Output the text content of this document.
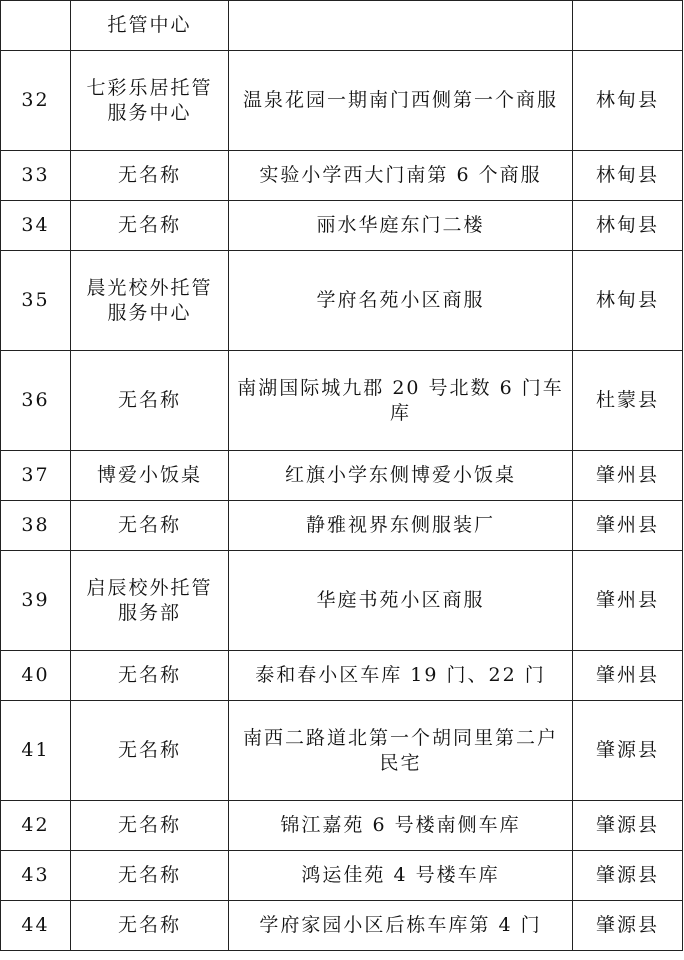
	托管中心		
32	七彩乐居托管服务中心	温泉花园一期南门西侧第一个商服	林甸县
33	无名称	实验小学西大门南第 6 个商服	林甸县
34	无名称	丽水华庭东门二楼	林甸县
35	晨光校外托管服务中心	学府名苑小区商服	林甸县
36	无名称	南湖国际城九郡 20 号北数 6 门车库	杜蒙县
37	博爱小饭桌	红旗小学东侧博爱小饭桌	肇州县
38	无名称	静雅视界东侧服装厂	肇州县
39	启辰校外托管服务部	华庭书苑小区商服	肇州县
40	无名称	泰和春小区车库 19 门、22 门	肇州县
41	无名称	南西二路道北第一个胡同里第二户民宅	肇源县
42	无名称	锦江嘉苑 6 号楼南侧车库	肇源县
43	无名称	鸿运佳苑 4 号楼车库	肇源县
44	无名称	学府家园小区后栋车库第 4 门	肇源县
